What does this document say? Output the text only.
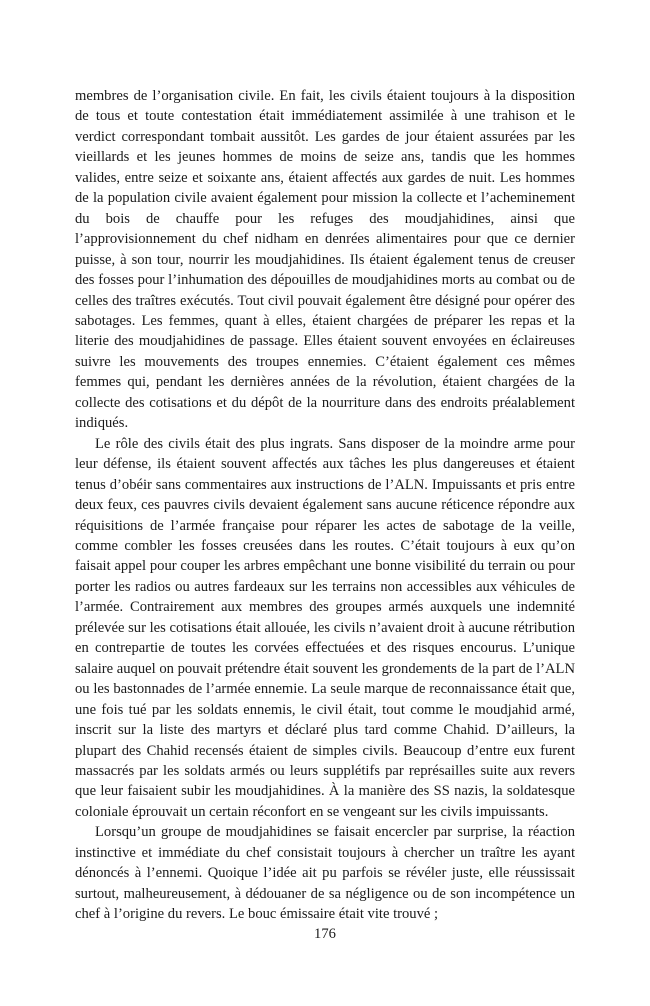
membres de l’organisation civile. En fait, les civils étaient toujours à la disposition de tous et toute contestation était immédiatement assimilée à une trahison et le verdict correspondant tombait aussitôt. Les gardes de jour étaient assurées par les vieillards et les jeunes hommes de moins de seize ans, tandis que les hommes valides, entre seize et soixante ans, étaient affectés aux gardes de nuit. Les hommes de la population civile avaient également pour mission la collecte et l’acheminement du bois de chauffe pour les refuges des moudjahidines, ainsi que l’approvisionnement du chef nidham en denrées alimentaires pour que ce dernier puisse, à son tour, nourrir les moudjahidines. Ils étaient également tenus de creuser des fosses pour l’inhumation des dépouilles de moudjahidines morts au combat ou de celles des traîtres exécutés. Tout civil pouvait également être désigné pour opérer des sabotages. Les femmes, quant à elles, étaient chargées de préparer les repas et la literie des moudjahidines de passage. Elles étaient souvent envoyées en éclaireuses suivre les mouvements des troupes ennemies. C’étaient également ces mêmes femmes qui, pendant les dernières années de la révolution, étaient chargées de la collecte des cotisations et du dépôt de la nourriture dans des endroits préalablement indiqués.

Le rôle des civils était des plus ingrats. Sans disposer de la moindre arme pour leur défense, ils étaient souvent affectés aux tâches les plus dangereuses et étaient tenus d’obéir sans commentaires aux instructions de l’ALN. Impuissants et pris entre deux feux, ces pauvres civils devaient également sans aucune réticence répondre aux réquisitions de l’armée française pour réparer les actes de sabotage de la veille, comme combler les fosses creusées dans les routes. C’était toujours à eux qu’on faisait appel pour couper les arbres empêchant une bonne visibilité du terrain ou pour porter les radios ou autres fardeaux sur les terrains non accessibles aux véhicules de l’armée. Contrairement aux membres des groupes armés auxquels une indemnité prélevée sur les cotisations était allouée, les civils n’avaient droit à aucune rétribution en contrepartie de toutes les corvées effectuées et des risques encourus. L’unique salaire auquel on pouvait prétendre était souvent les grondements de la part de l’ALN ou les bastonnades de l’armée ennemie. La seule marque de reconnaissance était que, une fois tué par les soldats ennemis, le civil était, tout comme le moudjahid armé, inscrit sur la liste des martyrs et déclaré plus tard comme Chahid. D’ailleurs, la plupart des Chahid recensés étaient de simples civils. Beaucoup d’entre eux furent massacrés par les soldats armés ou leurs supplétifs par représailles suite aux revers que leur faisaient subir les moudjahidines. À la manière des SS nazis, la soldatesque coloniale éprouvait un certain réconfort en se vengeant sur les civils impuissants.

Lorsqu’un groupe de moudjahidines se faisait encercler par surprise, la réaction instinctive et immédiate du chef consistait toujours à chercher un traître les ayant dénoncés à l’ennemi. Quoique l’idée ait pu parfois se révéler juste, elle réussissait surtout, malheureusement, à dédouaner de sa négligence ou de son incompétence un chef à l’origine du revers. Le bouc émissaire était vite trouvé ;

176
